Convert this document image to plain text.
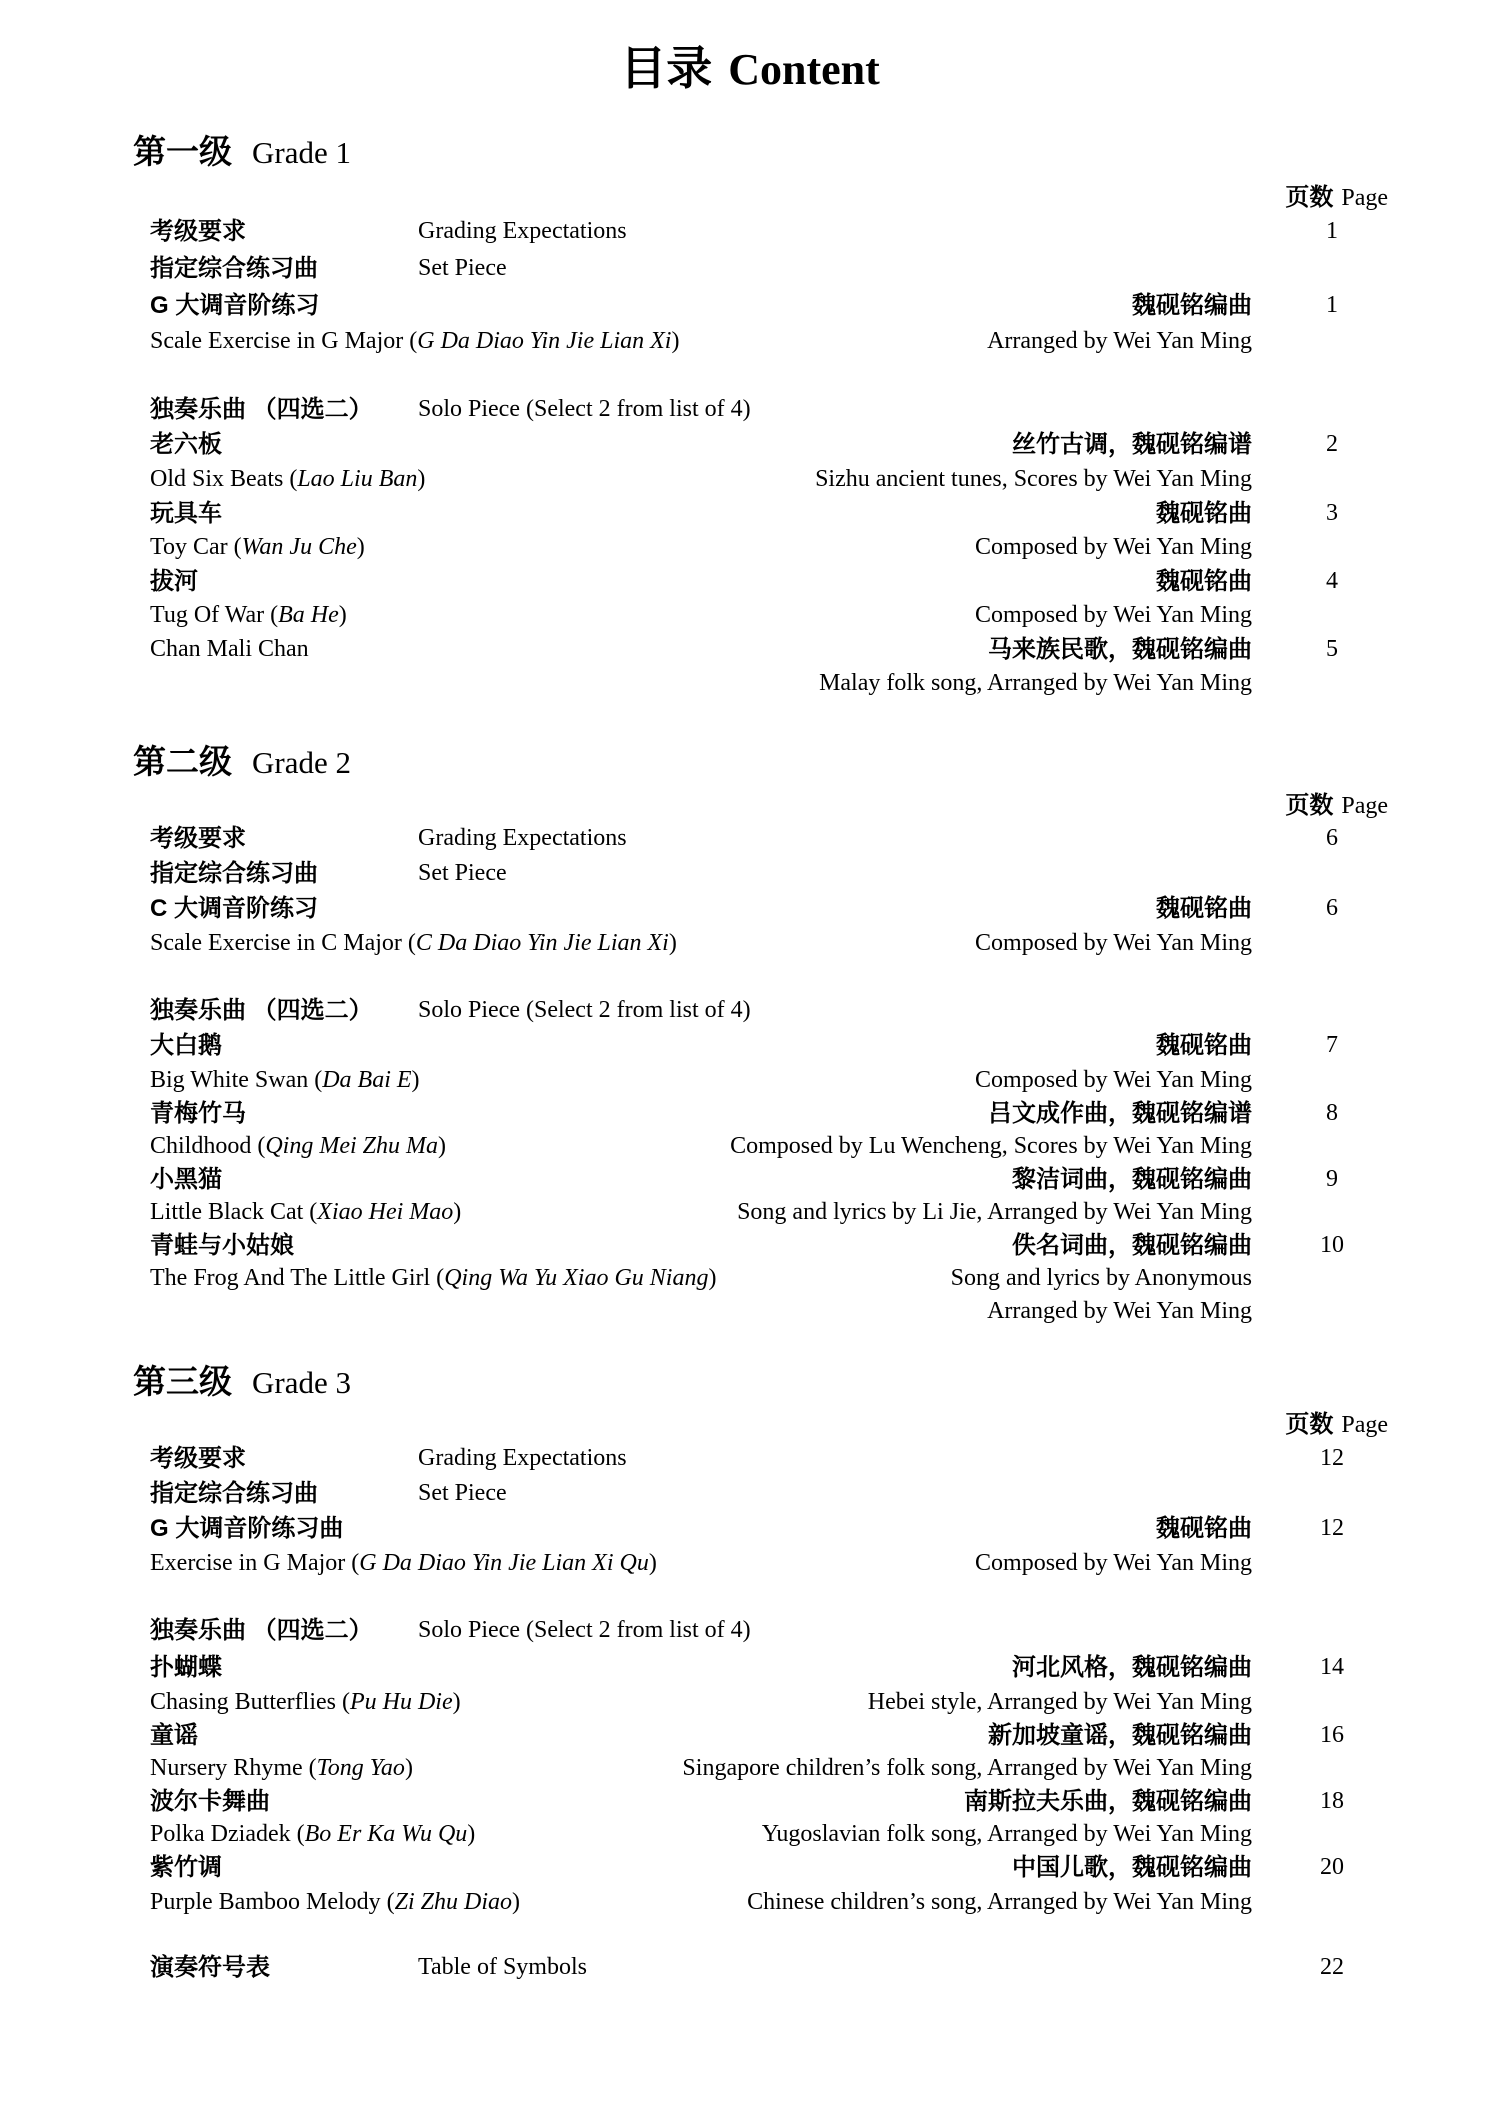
目录 Content
第一级 Grade 1
页数 Page
考级要求	Grading Expectations	1
指定综合练习曲	Set Piece
G 大调音阶练习	魏砚铭编曲	1
Scale Exercise in G Major (G Da Diao Yin Jie Lian Xi)	Arranged by Wei Yan Ming
独奏乐曲 （四选二） Solo Piece (Select 2 from list of 4)
老六板	丝竹古调，魏砚铭编谱	2
Old Six Beats (Lao Liu Ban)	Sizhu ancient tunes, Scores by Wei Yan Ming
玩具车	魏砚铭曲	3
Toy Car (Wan Ju Che)	Composed by Wei Yan Ming
拔河	魏砚铭曲	4
Tug Of War (Ba He)	Composed by Wei Yan Ming
Chan Mali Chan	马来族民歌，魏砚铭编曲	5
Malay folk song, Arranged by Wei Yan Ming
第二级 Grade 2
页数 Page
考级要求	Grading Expectations	6
指定综合练习曲	Set Piece
C 大调音阶练习	魏砚铭曲	6
Scale Exercise in C Major (C Da Diao Yin Jie Lian Xi)	Composed by Wei Yan Ming
独奏乐曲 （四选二） Solo Piece (Select 2 from list of 4)
大白鹅	魏砚铭曲	7
Big White Swan (Da Bai E)	Composed by Wei Yan Ming
青梅竹马	吕文成作曲，魏砚铭编谱	8
Childhood (Qing Mei Zhu Ma)	Composed by Lu Wencheng, Scores by Wei Yan Ming
小黑猫	黎洁词曲，魏砚铭编曲	9
Little Black Cat (Xiao Hei Mao)	Song and lyrics by Li Jie, Arranged by Wei Yan Ming
青蛙与小姑娘	佚名词曲，魏砚铭编曲	10
The Frog And The Little Girl (Qing Wa Yu Xiao Gu Niang)	Song and lyrics by Anonymous
Arranged by Wei Yan Ming
第三级 Grade 3
页数 Page
考级要求	Grading Expectations	12
指定综合练习曲	Set Piece
G 大调音阶练习曲	魏砚铭曲	12
Exercise in G Major (G Da Diao Yin Jie Lian Xi Qu)	Composed by Wei Yan Ming
独奏乐曲 （四选二） Solo Piece (Select 2 from list of 4)
扑蝴蝶	河北风格，魏砚铭编曲	14
Chasing Butterflies (Pu Hu Die)	Hebei style, Arranged by Wei Yan Ming
童谣	新加坡童谣，魏砚铭编曲	16
Nursery Rhyme (Tong Yao)	Singapore children’s folk song, Arranged by Wei Yan Ming
波尔卡舞曲	南斯拉夫乐曲，魏砚铭编曲	18
Polka Dziadek (Bo Er Ka Wu Qu)	Yugoslavian folk song, Arranged by Wei Yan Ming
紫竹调	中国儿歌，魏砚铭编曲	20
Purple Bamboo Melody (Zi Zhu Diao)	Chinese children’s song, Arranged by Wei Yan Ming
演奏符号表	Table of Symbols	22
